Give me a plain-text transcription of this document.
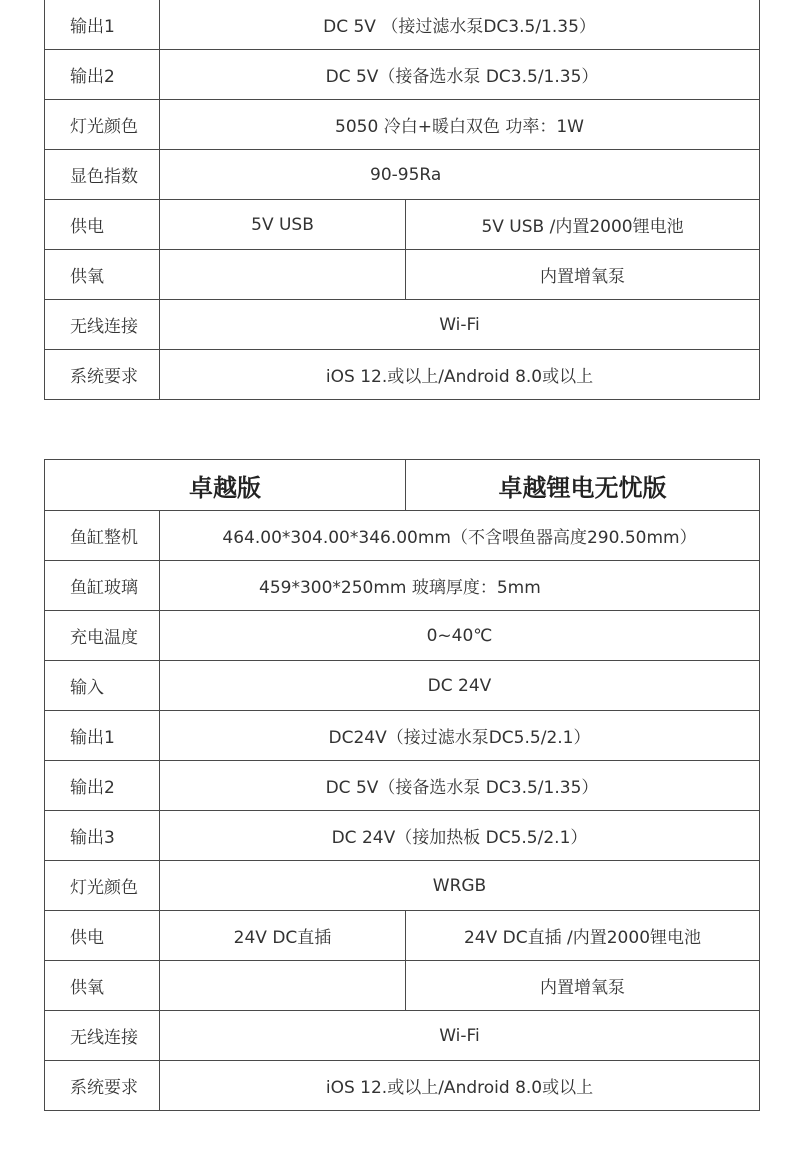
输出1	DC 5V （接过滤水泵DC3.5/1.35）	
输出2	DC 5V（接备选水泵 DC3.5/1.35）	
灯光颜色	5050 冷白+暖白双色 功率：1W	
显色指数	90-95Ra	
供电	5V USB	5V USB /内置2000锂电池
供氧		内置增氧泵
无线连接	Wi-Fi	
系统要求	iOS 12.或以上/Android 8.0或以上	
卓越版		卓越锂电无忧版
鱼缸整机	464.00*304.00*346.00mm（不含喂鱼器高度290.50mm）	
鱼缸玻璃	459*300*250mm 玻璃厚度：5mm	
充电温度	0~40℃	
输入	DC 24V	
输出1	DC24V（接过滤水泵DC5.5/2.1）	
输出2	DC 5V（接备选水泵 DC3.5/1.35）	
输出3	DC 24V（接加热板 DC5.5/2.1）	
灯光颜色	WRGB	
供电	24V DC直插	24V DC直插 /内置2000锂电池
供氧		内置增氧泵
无线连接	Wi-Fi	
系统要求	iOS 12.或以上/Android 8.0或以上	
